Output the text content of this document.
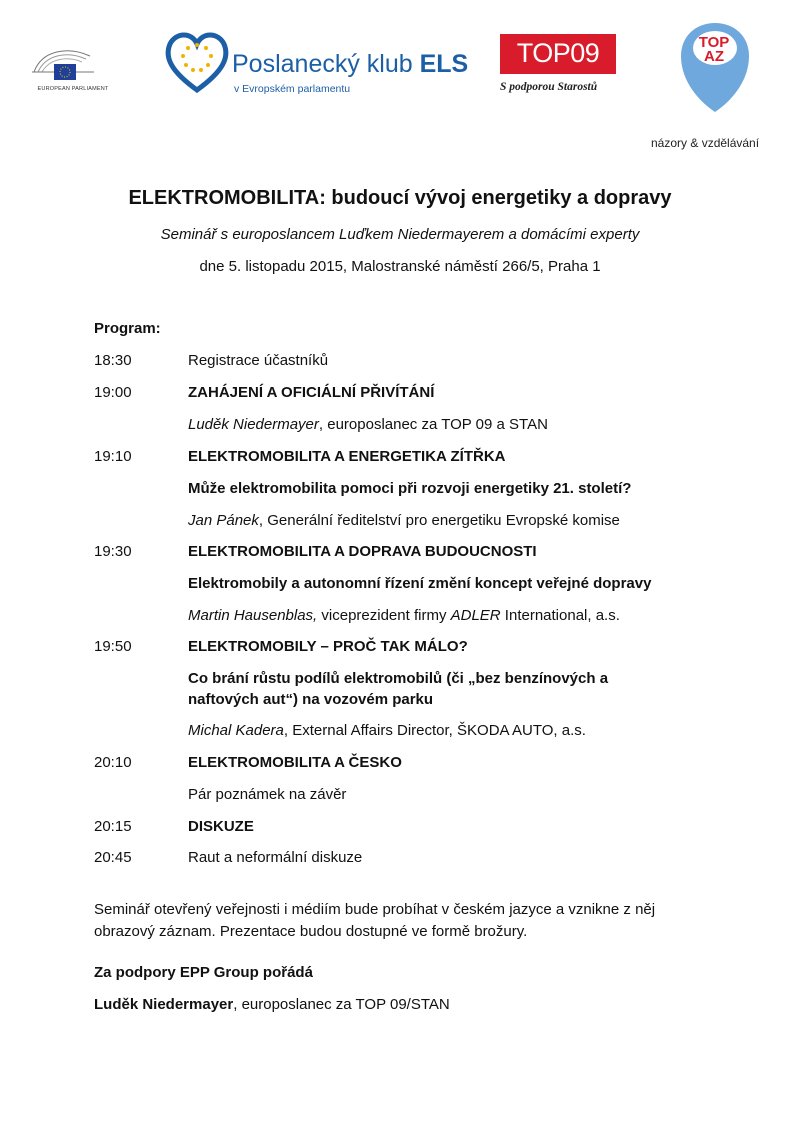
EUROPEAN PARLIAMENT
Poslanecký klub ELS
v Evropském parlamentu
TOP09
S podporou Starostů
TOP
AZ
názory & vzdělávání
ELEKTROMOBILITA: budoucí vývoj energetiky a dopravy
Seminář s europoslancem Luďkem Niedermayerem a domácími experty
dne 5. listopadu 2015, Malostranské náměstí 266/5, Praha 1
Program:
18:30	Registrace účastníků
19:00	ZAHÁJENÍ A OFICIÁLNÍ PŘIVÍTÁNÍ
Luděk Niedermayer, europoslanec za TOP 09 a STAN
19:10	ELEKTROMOBILITA A ENERGETIKA ZÍTŘKA
Může elektromobilita pomoci při rozvoji energetiky 21. století?
Jan Pánek, Generální ředitelství pro energetiku Evropské komise
19:30	ELEKTROMOBILITA A DOPRAVA BUDOUCNOSTI
Elektromobily a autonomní řízení změní koncept veřejné dopravy
Martin Hausenblas, viceprezident firmy ADLER International, a.s.
19:50	ELEKTROMOBILY – PROČ TAK MÁLO?
Co brání růstu podílů elektromobilů (či „bez benzínových a
naftových aut“) na vozovém parku
Michal Kadera, External Affairs Director, ŠKODA AUTO, a.s.
20:10	ELEKTROMOBILITA A ČESKO
Pár poznámek na závěr
20:15	DISKUZE
20:45	Raut a neformální diskuze
Seminář otevřený veřejnosti i médiím bude probíhat v českém jazyce a vznikne z něj obrazový záznam. Prezentace budou dostupné ve formě brožury.
Za podpory EPP Group pořádá
Luděk Niedermayer, europoslanec za TOP 09/STAN
